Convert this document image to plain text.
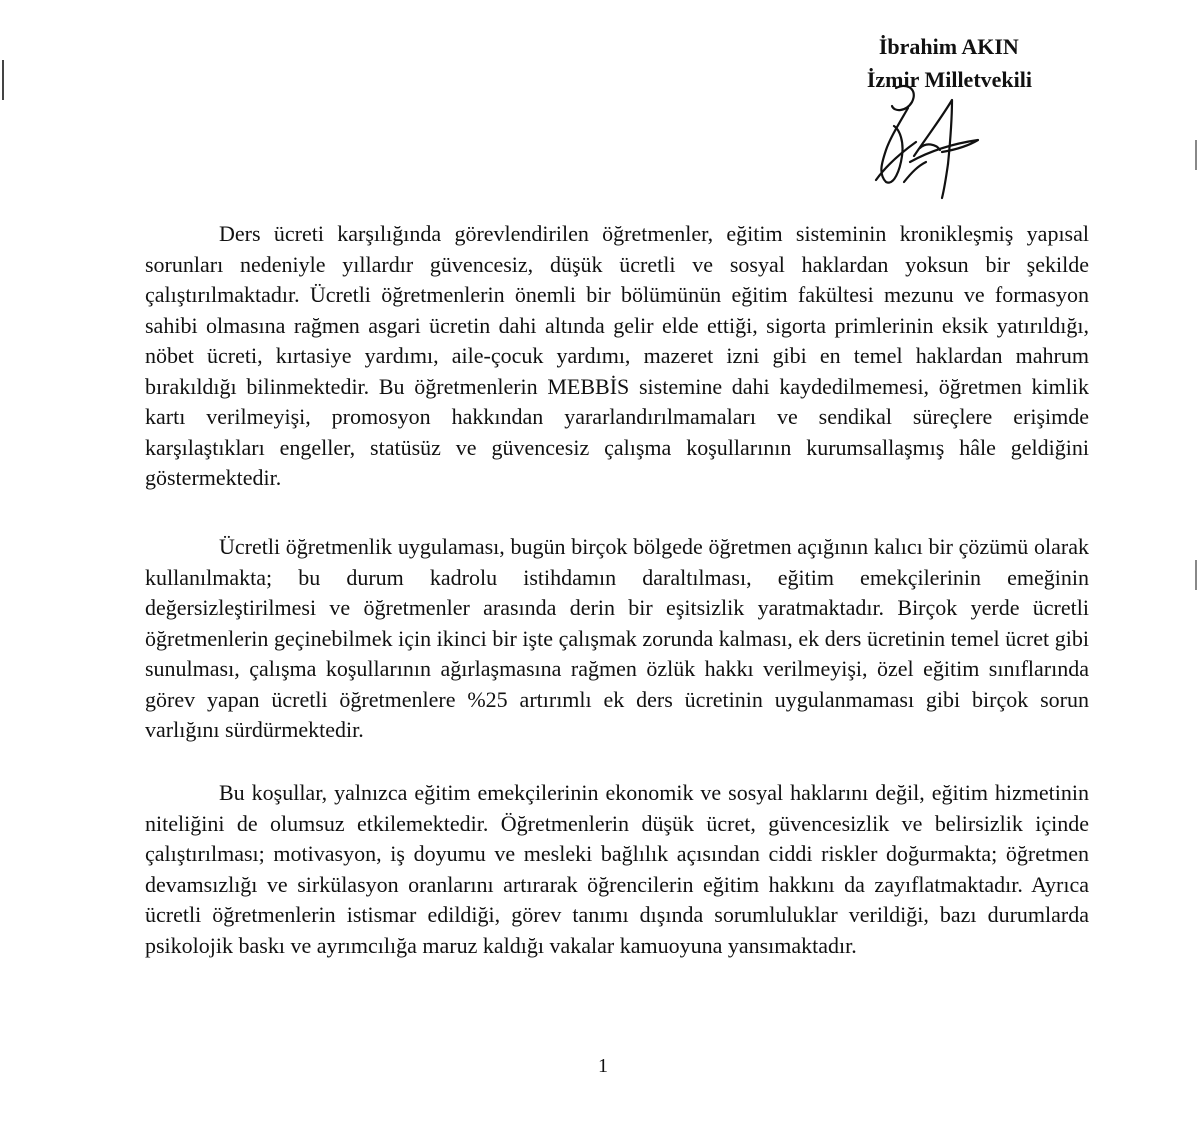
İbrahim AKIN
İzmir Milletvekili

Ders ücreti karşılığında görevlendirilen öğretmenler, eğitim sisteminin kronikleşmiş yapısal sorunları nedeniyle yıllardır güvencesiz, düşük ücretli ve sosyal haklardan yoksun bir şekilde çalıştırılmaktadır. Ücretli öğretmenlerin önemli bir bölümünün eğitim fakültesi mezunu ve formasyon sahibi olmasına rağmen asgari ücretin dahi altında gelir elde ettiği, sigorta primlerinin eksik yatırıldığı, nöbet ücreti, kırtasiye yardımı, aile-çocuk yardımı, mazeret izni gibi en temel haklardan mahrum bırakıldığı bilinmektedir. Bu öğretmenlerin MEBBİS sistemine dahi kaydedilmemesi, öğretmen kimlik kartı verilmeyişi, promosyon hakkından yararlandırılmamaları ve sendikal süreçlere erişimde karşılaştıkları engeller, statüsüz ve güvencesiz çalışma koşullarının kurumsallaşmış hâle geldiğini göstermektedir.

Ücretli öğretmenlik uygulaması, bugün birçok bölgede öğretmen açığının kalıcı bir çözümü olarak kullanılmakta; bu durum kadrolu istihdamın daraltılması, eğitim emekçilerinin emeğinin değersizleştirilmesi ve öğretmenler arasında derin bir eşitsizlik yaratmaktadır. Birçok yerde ücretli öğretmenlerin geçinebilmek için ikinci bir işte çalışmak zorunda kalması, ek ders ücretinin temel ücret gibi sunulması, çalışma koşullarının ağırlaşmasına rağmen özlük hakkı verilmeyişi, özel eğitim sınıflarında görev yapan ücretli öğretmenlere %25 artırımlı ek ders ücretinin uygulanmaması gibi birçok sorun varlığını sürdürmektedir.

Bu koşullar, yalnızca eğitim emekçilerinin ekonomik ve sosyal haklarını değil, eğitim hizmetinin niteliğini de olumsuz etkilemektedir. Öğretmenlerin düşük ücret, güvencesizlik ve belirsizlik içinde çalıştırılması; motivasyon, iş doyumu ve mesleki bağlılık açısından ciddi riskler doğurmakta; öğretmen devamsızlığı ve sirkülasyon oranlarını artırarak öğrencilerin eğitim hakkını da zayıflatmaktadır. Ayrıca ücretli öğretmenlerin istismar edildiği, görev tanımı dışında sorumluluklar verildiği, bazı durumlarda psikolojik baskı ve ayrımcılığa maruz kaldığı vakalar kamuoyuna yansımaktadır.

1
